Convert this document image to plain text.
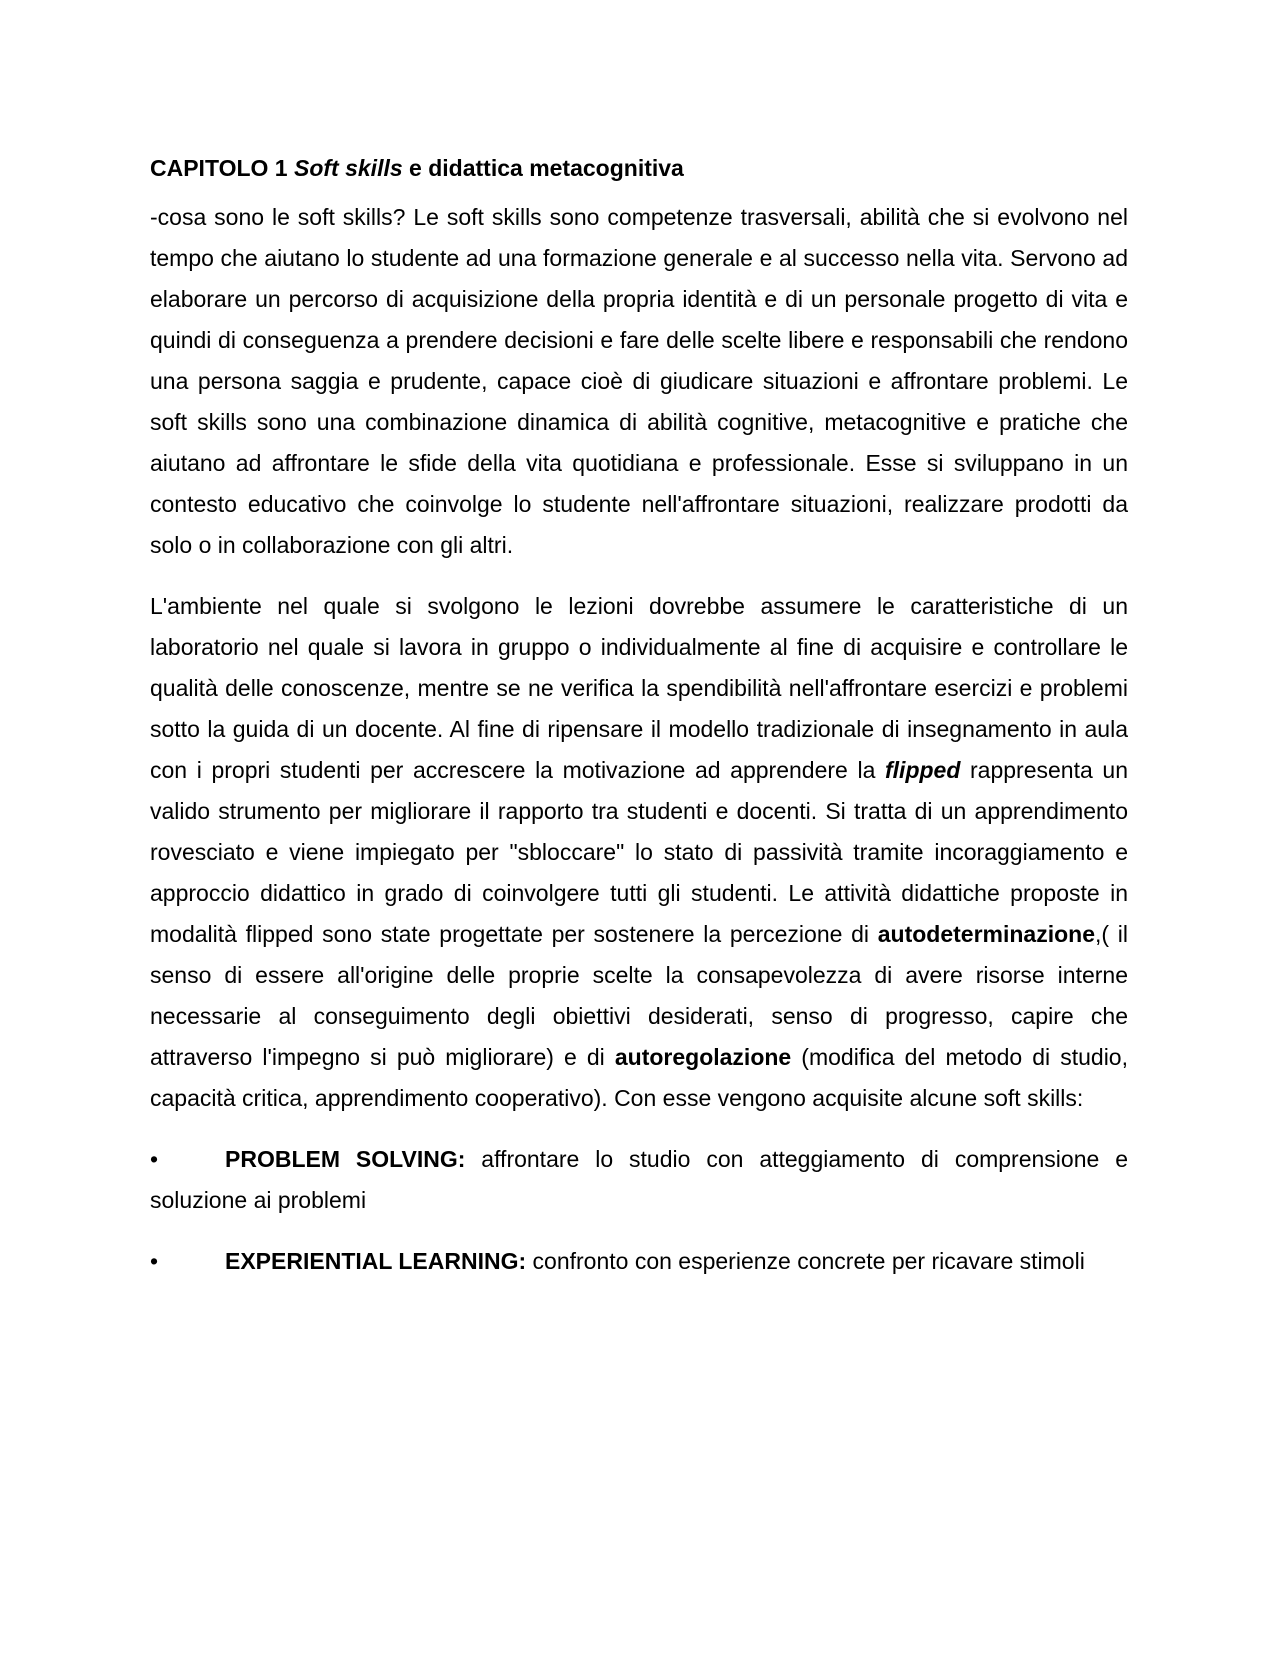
CAPITOLO 1 Soft skills e didattica metacognitiva

-cosa sono le soft skills? Le soft skills sono competenze trasversali, abilità che si evolvono nel tempo che aiutano lo studente ad una formazione generale e al successo nella vita. Servono ad elaborare un percorso di acquisizione della propria identità e di un personale progetto di vita e quindi di conseguenza a prendere decisioni e fare delle scelte libere e responsabili che rendono una persona saggia e prudente, capace cioè di giudicare situazioni e affrontare problemi. Le soft skills sono una combinazione dinamica di abilità cognitive, metacognitive e pratiche che aiutano ad affrontare le sfide della vita quotidiana e professionale. Esse si sviluppano in un contesto educativo che coinvolge lo studente nell'affrontare situazioni, realizzare prodotti da solo o in collaborazione con gli altri.

L'ambiente nel quale si svolgono le lezioni dovrebbe assumere le caratteristiche di un laboratorio nel quale si lavora in gruppo o individualmente al fine di acquisire e controllare le qualità delle conoscenze, mentre se ne verifica la spendibilità nell'affrontare esercizi e problemi sotto la guida di un docente. Al fine di ripensare il modello tradizionale di insegnamento in aula con i propri studenti per accrescere la motivazione ad apprendere la flipped rappresenta un valido strumento per migliorare il rapporto tra studenti e docenti. Si tratta di un apprendimento rovesciato e viene impiegato per "sbloccare" lo stato di passività tramite incoraggiamento e approccio didattico in grado di coinvolgere tutti gli studenti. Le attività didattiche proposte in modalità flipped sono state progettate per sostenere la percezione di autodeterminazione,( il senso di essere all'origine delle proprie scelte la consapevolezza di avere risorse interne necessarie al conseguimento degli obiettivi desiderati, senso di progresso, capire che attraverso l'impegno si può migliorare) e di autoregolazione (modifica del metodo di studio, capacità critica, apprendimento cooperativo). Con esse vengono acquisite alcune soft skills:

•	PROBLEM SOLVING: affrontare lo studio con atteggiamento di comprensione e soluzione ai problemi
•	EXPERIENTIAL LEARNING: confronto con esperienze concrete per ricavare stimoli
